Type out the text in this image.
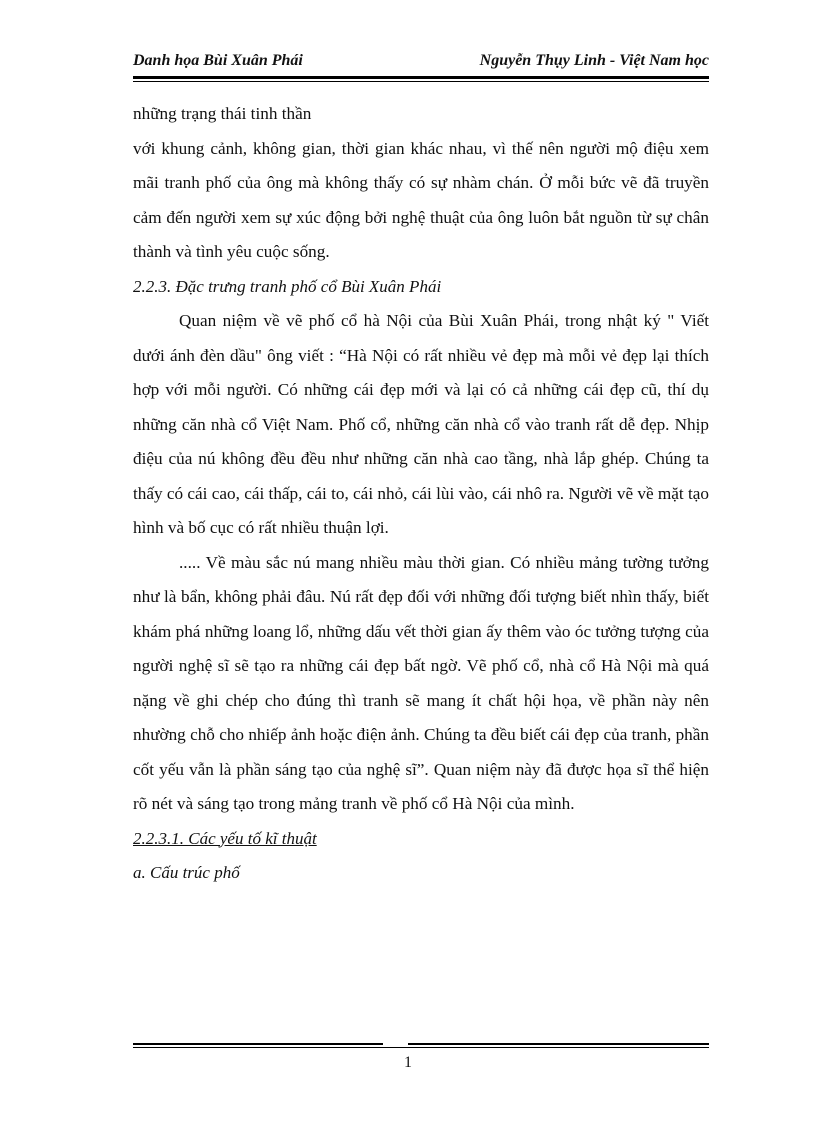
Danh họa Bùi Xuân Phái	Nguyễn Thụy Linh - Việt Nam học

những trạng thái tinh thần

với khung cảnh, không gian, thời gian khác nhau, vì thế nên người mộ điệu xem mãi tranh phố của ông mà không thấy có sự nhàm chán. Ở mỗi bức vẽ đã truyền cảm đến người xem sự xúc động bởi nghệ thuật của ông luôn bắt nguồn từ sự chân thành và tình yêu cuộc sống.

2.2.3. Đặc trưng tranh phố cổ Bùi Xuân Phái

Quan niệm về vẽ phố cổ hà Nội của Bùi Xuân Phái, trong nhật ký " Viết dưới ánh đèn dầu" ông viết : “Hà Nội có rất nhiều vẻ đẹp mà mỗi vẻ đẹp lại thích hợp với mỗi người. Có những cái đẹp mới và lại có cả những cái đẹp cũ, thí dụ những căn nhà cổ Việt Nam. Phố cổ, những căn nhà cổ vào tranh rất dễ đẹp. Nhịp điệu của nú không đều đều như những căn nhà cao tầng, nhà lắp ghép. Chúng ta thấy có cái cao, cái thấp, cái to, cái nhỏ, cái lùi vào, cái nhô ra. Người vẽ về mặt tạo hình và bố cục có rất nhiều thuận lợi.

..... Về màu sắc nú mang nhiều màu thời gian. Có nhiều mảng tường tưởng như là bẩn, không phải đâu. Nú rất đẹp đối với những đối tượng biết nhìn thấy, biết khám phá những loang lổ, những dấu vết thời gian ấy thêm vào óc tưởng tượng của người nghệ sĩ sẽ tạo ra những cái đẹp bất ngờ. Vẽ phố cổ, nhà cổ Hà Nội mà quá nặng về ghi chép cho đúng thì tranh sẽ mang ít chất hội họa, về phần này nên nhường chỗ cho nhiếp ảnh hoặc điện ảnh. Chúng ta đều biết cái đẹp của tranh, phần cốt yếu vẫn là phần sáng tạo của nghệ sĩ”. Quan niệm này đã được họa sĩ thể hiện rõ nét và sáng tạo trong mảng tranh về phố cổ Hà Nội của mình.

2.2.3.1. Các yếu tố kĩ thuật

a. Cấu trúc phố

1
